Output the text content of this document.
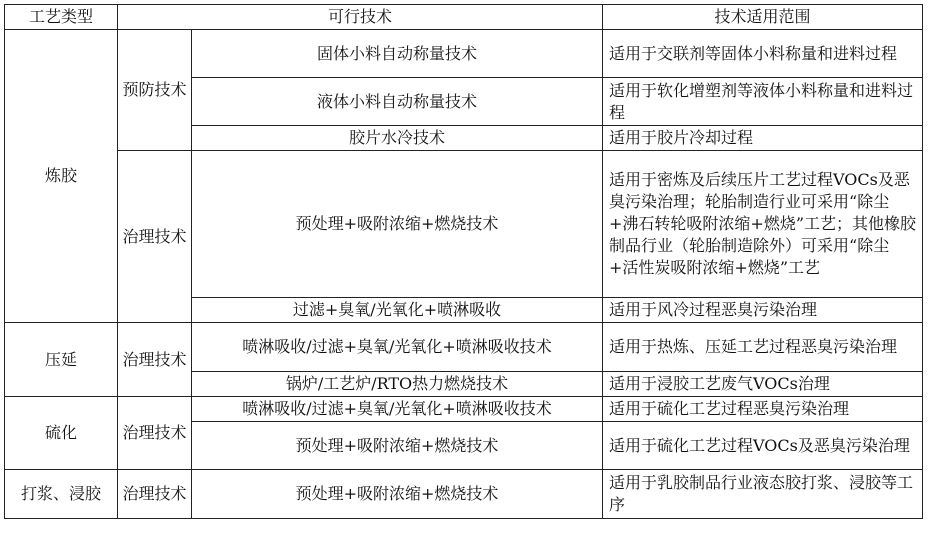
工艺类型	可行技术		技术适用范围
炼胶	预防技术	固体小料自动称量技术	适用于交联剂等固体小料称量和进料过程
		液体小料自动称量技术	适用于软化增塑剂等液体小料称量和进料过程
		胶片水冷技术	适用于胶片冷却过程
	治理技术	预处理+吸附浓缩+燃烧技术	适用于密炼及后续压片工艺过程VOCs及恶臭污染治理；轮胎制造行业可采用“除尘+沸石转轮吸附浓缩+燃烧”工艺；其他橡胶制品行业（轮胎制造除外）可采用“除尘+活性炭吸附浓缩+燃烧”工艺
		过滤+臭氧/光氧化+喷淋吸收	适用于风冷过程恶臭污染治理
压延	治理技术	喷淋吸收/过滤+臭氧/光氧化+喷淋吸收技术	适用于热炼、压延工艺过程恶臭污染治理
		锅炉/工艺炉/RTO热力燃烧技术	适用于浸胶工艺废气VOCs治理
硫化	治理技术	喷淋吸收/过滤+臭氧/光氧化+喷淋吸收技术	适用于硫化工艺过程恶臭污染治理
		预处理+吸附浓缩+燃烧技术	适用于硫化工艺过程VOCs及恶臭污染治理
打浆、浸胶	治理技术	预处理+吸附浓缩+燃烧技术	适用于乳胶制品行业液态胶打浆、浸胶等工序
